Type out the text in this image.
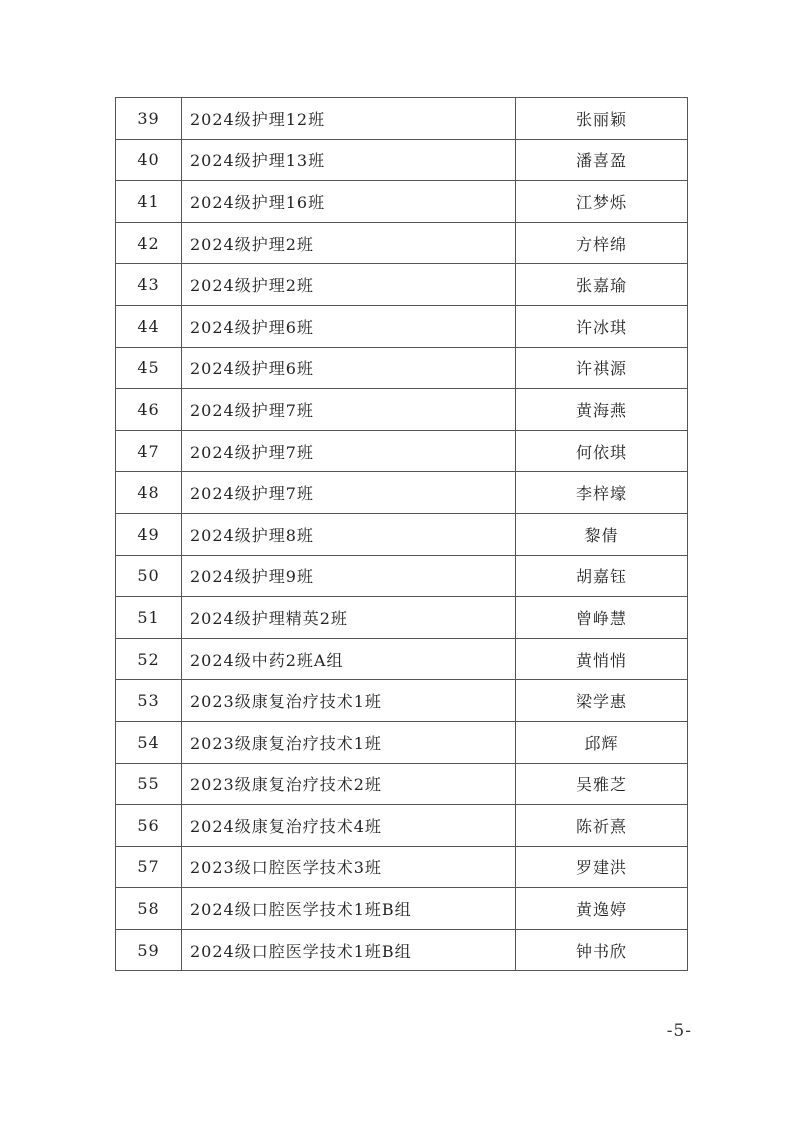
39	2024级护理12班	张丽颖
40	2024级护理13班	潘喜盈
41	2024级护理16班	江梦烁
42	2024级护理2班	方梓绵
43	2024级护理2班	张嘉瑜
44	2024级护理6班	许冰琪
45	2024级护理6班	许祺源
46	2024级护理7班	黄海燕
47	2024级护理7班	何依琪
48	2024级护理7班	李梓壕
49	2024级护理8班	黎倩
50	2024级护理9班	胡嘉钰
51	2024级护理精英2班	曾峥慧
52	2024级中药2班A组	黄悄悄
53	2023级康复治疗技术1班	梁学惠
54	2023级康复治疗技术1班	邱辉
55	2023级康复治疗技术2班	吴雅芝
56	2024级康复治疗技术4班	陈祈熹
57	2023级口腔医学技术3班	罗建洪
58	2024级口腔医学技术1班B组	黄逸婷
59	2024级口腔医学技术1班B组	钟书欣
-5-
